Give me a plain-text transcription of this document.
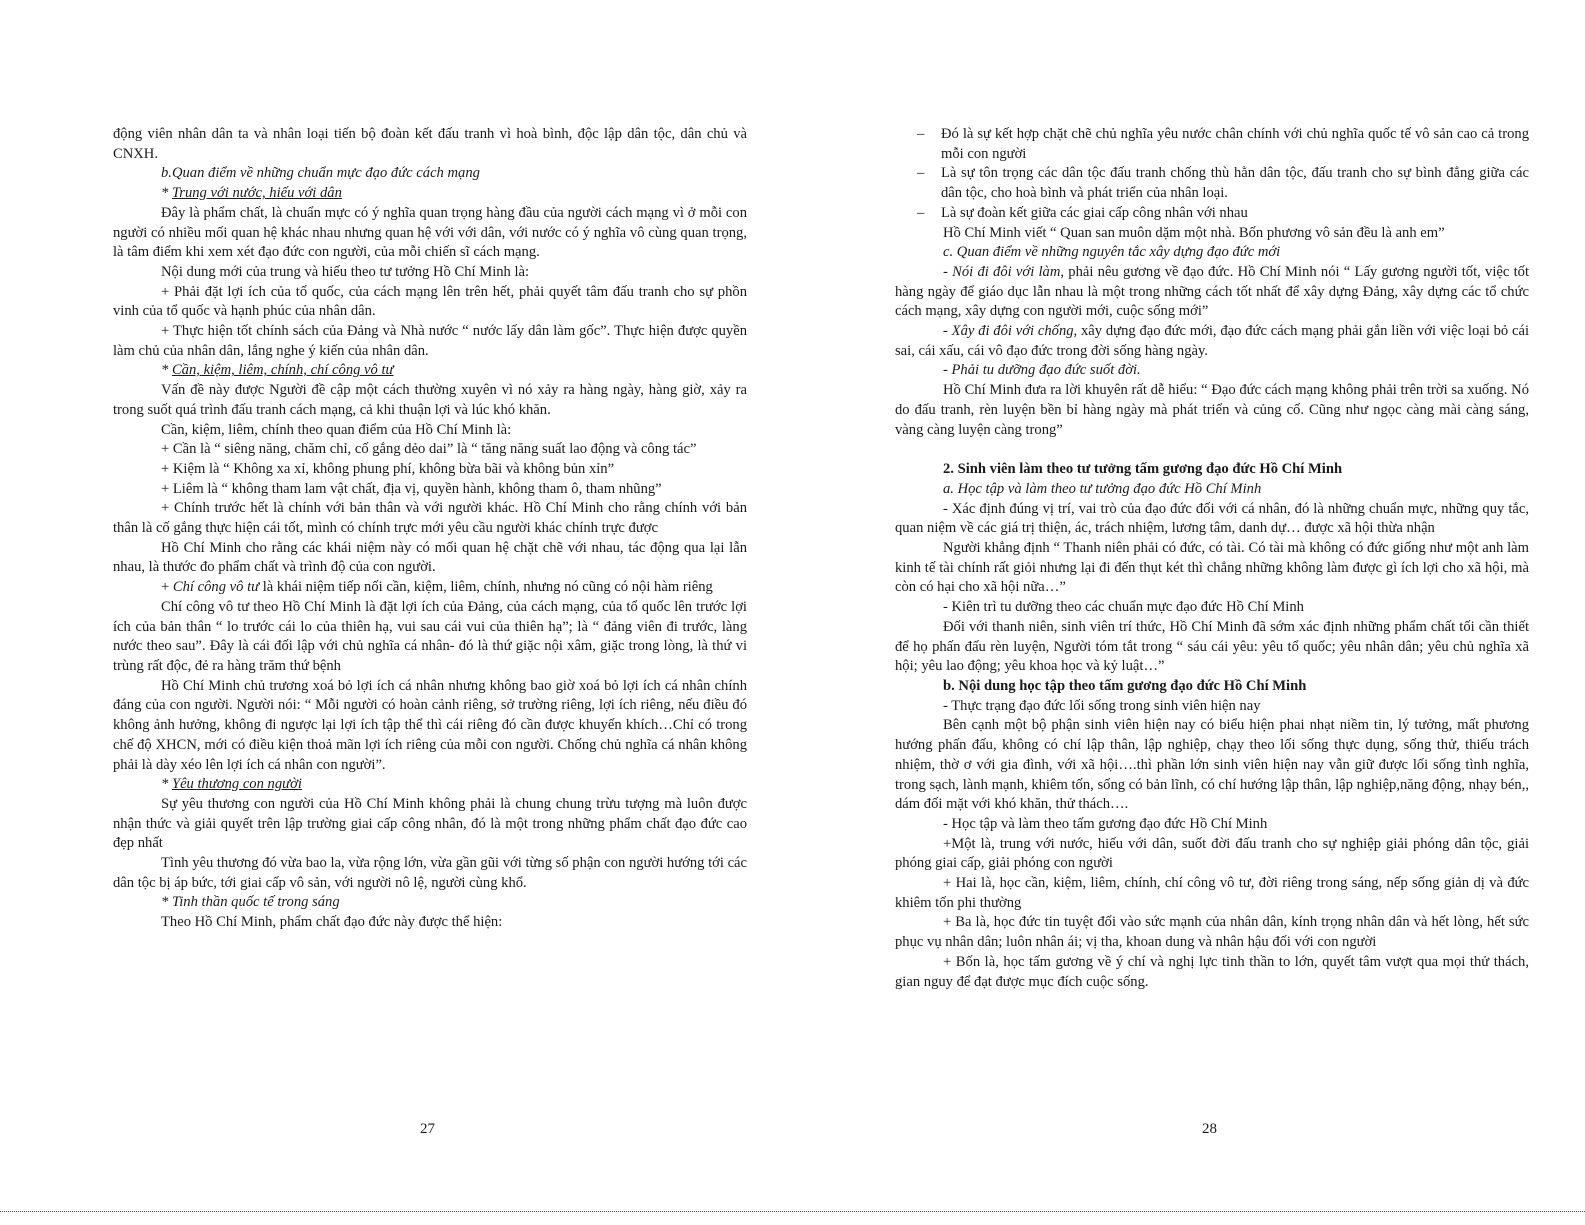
động viên nhân dân ta và nhân loại tiến bộ đoàn kết đấu tranh vì hoà bình, độc lập dân tộc, dân chủ và CNXH.

b.Quan điểm về những chuẩn mực đạo đức cách mạng

* Trung với nước, hiếu với dân

Đây là phẩm chất, là chuẩn mực có ý nghĩa quan trọng hàng đầu của người cách mạng vì ở mỗi con người có nhiều mối quan hệ khác nhau nhưng quan hệ với với dân, với nước có ý nghĩa vô cùng quan trọng, là tâm điểm khi xem xét đạo đức con người, của mỗi chiến sĩ cách mạng.

Nội dung mới của trung và hiếu theo tư tưởng Hồ Chí Minh là:

+ Phải đặt lợi ích của tổ quốc, của cách mạng lên trên hết, phải quyết tâm đấu tranh cho sự phồn vinh của tổ quốc và hạnh phúc của nhân dân.

+ Thực hiện tốt chính sách của Đảng và Nhà nước “ nước lấy dân làm gốc”. Thực hiện được quyền làm chủ của nhân dân, lắng nghe ý kiến của nhân dân.

* Cần, kiệm, liêm, chính, chí công vô tư

Vấn đề này được Người đề cập một cách thường xuyên vì nó xảy ra hàng ngày, hàng giờ, xảy ra trong suốt quá trình đấu tranh cách mạng, cả khi thuận lợi và lúc khó khăn.

Cần, kiệm, liêm, chính theo quan điểm của Hồ Chí Minh là:

+ Cần là “ siêng năng, chăm chỉ, cố gắng dẻo dai” là “ tăng năng suất lao động và công tác”

+ Kiệm là “ Không xa xỉ, không phung phí, không bừa bãi và không bủn xỉn”

+ Liêm là “ không tham lam vật chất, địa vị, quyền hành, không tham ô, tham nhũng”

+ Chính trước hết là chính với bản thân và với người khác. Hồ Chí Minh cho rằng chính với bản thân là cố gắng thực hiện cái tốt, mình có chính trực mới yêu cầu người khác chính trực được

Hồ Chí Minh cho rằng các khái niệm này có mối quan hệ chặt chẽ với nhau, tác động qua lại lẫn nhau, là thước đo phẩm chất và trình độ của con người.

+ Chí công vô tư là khái niệm tiếp nối cần, kiệm, liêm, chính, nhưng nó cũng có nội hàm riêng

Chí công vô tư theo Hồ Chí Minh là đặt lợi ích của Đảng, của cách mạng, của tổ quốc lên trước lợi ích của bản thân “ lo trước cái lo của thiên hạ, vui sau cái vui của thiên hạ”; là “ đảng viên đi trước, làng nước theo sau”. Đây là cái đối lập với chủ nghĩa cá nhân- đó là thứ giặc nội xâm, giặc trong lòng, là thứ vi trùng rất độc, đẻ ra hàng trăm thứ bệnh

Hồ Chí Minh chủ trương xoá bỏ lợi ích cá nhân nhưng không bao giờ xoá bỏ lợi ích cá nhân chính đáng của con người. Người nói: “ Mỗi người có hoàn cảnh riêng, sở trường riêng, lợi ích riêng, nếu điều đó không ảnh hưởng, không đi ngược lại lợi ích tập thể thì cái riêng đó cần được khuyến khích…Chỉ có trong chế độ XHCN, mới có điều kiện thoả mãn lợi ích riêng của mỗi con người. Chống chủ nghĩa cá nhân không phải là dày xéo lên lợi ích cá nhân con người”.

* Yêu thương con người

Sự yêu thương con người của Hồ Chí Minh không phải là chung chung trừu tượng mà luôn được nhận thức và giải quyết trên lập trường giai cấp công nhân, đó là một trong những phẩm chất đạo đức cao đẹp nhất

Tình yêu thương đó vừa bao la, vừa rộng lớn, vừa gần gũi với từng số phận con người hướng tới các dân tộc bị áp bức, tới giai cấp vô sản, với người nô lệ, người cùng khổ.

* Tinh thần quốc tế trong sáng

Theo Hồ Chí Minh, phẩm chất đạo đức này được thể hiện:

– Đó là sự kết hợp chặt chẽ chủ nghĩa yêu nước chân chính với chủ nghĩa quốc tế vô sản cao cả trong mỗi con người

– Là sự tôn trọng các dân tộc đấu tranh chống thù hằn dân tộc, đấu tranh cho sự bình đẳng giữa các dân tộc, cho hoà bình và phát triển của nhân loại.

– Là sự đoàn kết giữa các giai cấp công nhân với nhau

Hồ Chí Minh viết “ Quan san muôn dặm một nhà. Bốn phương vô sản đều là anh em”

c. Quan điểm về những nguyên tắc xây dựng đạo đức mới

- Nói đi đôi với làm, phải nêu gương về đạo đức. Hồ Chí Minh nói “ Lấy gương người tốt, việc tốt hàng ngày để giáo dục lẫn nhau là một trong những cách tốt nhất để xây dựng Đảng, xây dựng các tổ chức cách mạng, xây dựng con người mới, cuộc sống mới”

- Xây đi đôi với chống, xây dựng đạo đức mới, đạo đức cách mạng phải gắn liền với việc loại bỏ cái sai, cái xấu, cái vô đạo đức trong đời sống hàng ngày.

- Phải tu dưỡng đạo đức suốt đời.

Hồ Chí Minh đưa ra lời khuyên rất dễ hiểu: “ Đạo đức cách mạng không phải trên trời sa xuống. Nó do đấu tranh, rèn luyện bền bỉ hàng ngày mà phát triển và củng cố. Cũng như ngọc càng mài càng sáng, vàng càng luyện càng trong”

2. Sinh viên làm theo tư tưởng tấm gương đạo đức Hồ Chí Minh

a. Học tập và làm theo tư tưởng đạo đức Hồ Chí Minh

- Xác định đúng vị trí, vai trò của đạo đức đối với cá nhân, đó là những chuẩn mực, những quy tắc, quan niệm về các giá trị thiện, ác, trách nhiệm, lương tâm, danh dự… được xã hội thừa nhận

Người khẳng định “ Thanh niên phải có đức, có tài. Có tài mà không có đức giống như một anh làm kinh tế tài chính rất giỏi nhưng lại đi đến thụt két thì chẳng những không làm được gì ích lợi cho xã hội, mà còn có hại cho xã hội nữa…”

- Kiên trì tu dưỡng theo các chuẩn mực đạo đức Hồ Chí Minh

Đối với thanh niên, sinh viên trí thức, Hồ Chí Minh đã sớm xác định những phẩm chất tối cần thiết để họ phấn đấu rèn luyện, Người tóm tắt trong “ sáu cái yêu: yêu tổ quốc; yêu nhân dân; yêu chủ nghĩa xã hội; yêu lao động; yêu khoa học và kỷ luật…”

b. Nội dung học tập theo tấm gương đạo đức Hồ Chí Minh

- Thực trạng đạo đức lối sống trong sinh viên hiện nay

Bên cạnh một bộ phận sinh viên hiện nay có biểu hiện phai nhạt niềm tin, lý tưởng, mất phương hướng phấn đấu, không có chí lập thân, lập nghiệp, chạy theo lối sống thực dụng, sống thử, thiếu trách nhiệm, thờ ơ với gia đình, với xã hội….thì phần lớn sinh viên hiện nay vẫn giữ được lối sống tình nghĩa, trong sạch, lành mạnh, khiêm tốn, sống có bản lĩnh, có chí hướng lập thân, lập nghiệp,năng động, nhạy bén,, dám đối mặt với khó khăn, thử thách….

- Học tập và làm theo tấm gương đạo đức Hồ Chí Minh

+Một là, trung với nước, hiếu với dân, suốt đời đấu tranh cho sự nghiệp giải phóng dân tộc, giải phóng giai cấp, giải phóng con người

+ Hai là, học cần, kiệm, liêm, chính, chí công vô tư, đời riêng trong sáng, nếp sống giản dị và đức khiêm tốn phi thường

+ Ba là, học đức tin tuyệt đối vào sức mạnh của nhân dân, kính trọng nhân dân và hết lòng, hết sức phục vụ nhân dân; luôn nhân ái; vị tha, khoan dung và nhân hậu đối với con người

+ Bốn là, học tấm gương về ý chí và nghị lực tinh thần to lớn, quyết tâm vượt qua mọi thử thách, gian nguy để đạt được mục đích cuộc sống.

27	28
